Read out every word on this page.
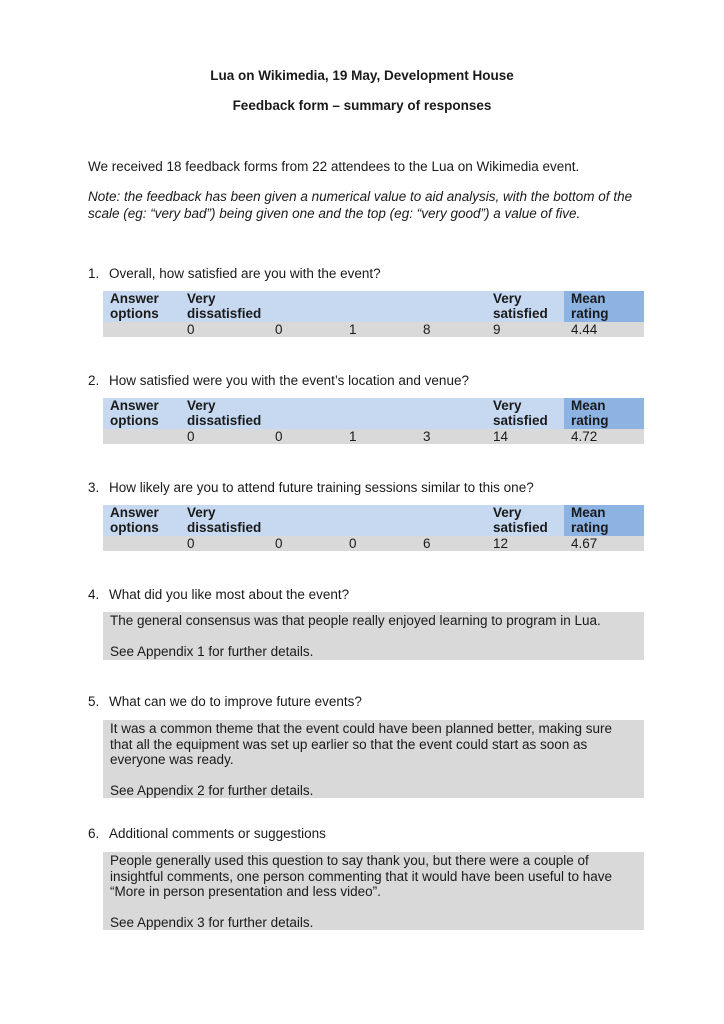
Lua on Wikimedia, 19 May, Development House
Feedback form – summary of responses
We received 18 feedback forms from 22 attendees to the Lua on Wikimedia event.
Note: the feedback has been given a numerical value to aid analysis, with the bottom of the scale (eg: “very bad”) being given one and the top (eg: “very good”) a value of five.
1. Overall, how satisfied are you with the event?
Answer options	Very dissatisfied				Very satisfied	Mean rating
	0	0	1	8	9	4.44
2. How satisfied were you with the event’s location and venue?
Answer options	Very dissatisfied				Very satisfied	Mean rating
	0	0	1	3	14	4.72
3. How likely are you to attend future training sessions similar to this one?
Answer options	Very dissatisfied				Very satisfied	Mean rating
	0	0	0	6	12	4.67
4. What did you like most about the event?

The general consensus was that people really enjoyed learning to program in Lua.

See Appendix 1 for further details.

5. What can we do to improve future events?

It was a common theme that the event could have been planned better, making sure that all the equipment was set up earlier so that the event could start as soon as everyone was ready.

See Appendix 2 for further details.

6. Additional comments or suggestions

People generally used this question to say thank you, but there were a couple of insightful comments, one person commenting that it would have been useful to have “More in person presentation and less video”.

See Appendix 3 for further details.
